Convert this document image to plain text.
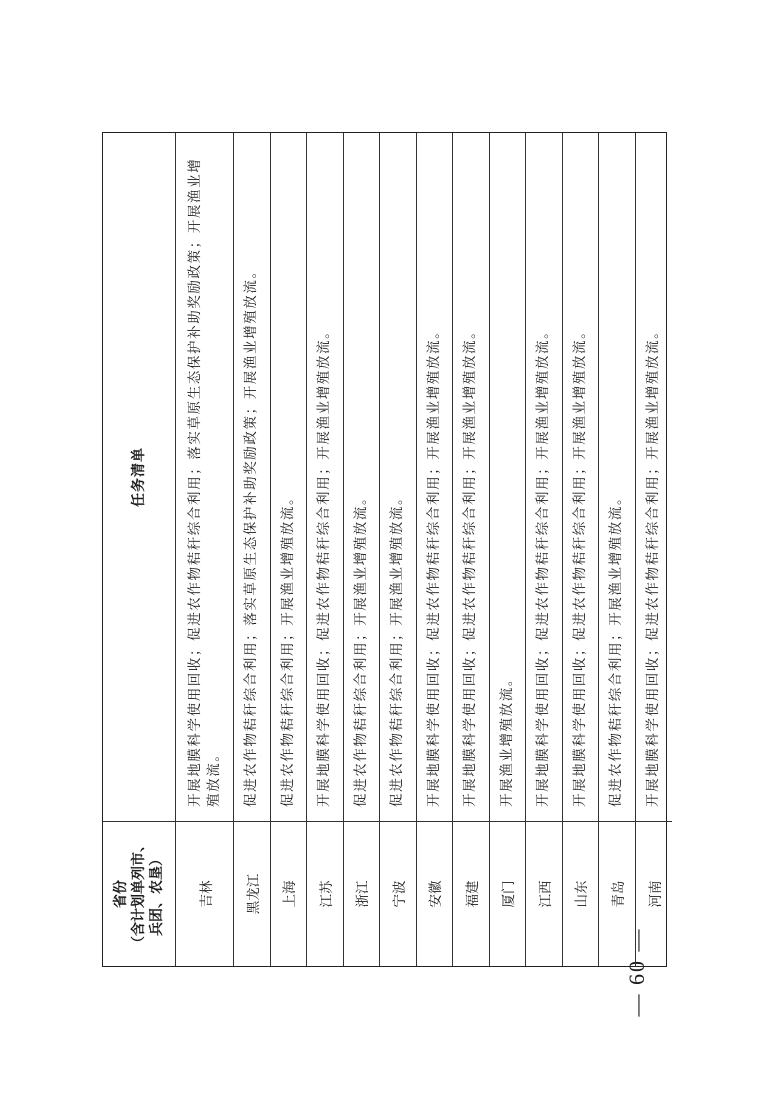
— 60 —
省份 （含计划单列市、 兵团、农垦）
任务清单
吉林
开展地膜科学使用回收；促进农作物秸秆综合利用；落实草原生态保护补助奖励政策；开展渔业增殖放流。
黑龙江
促进农作物秸秆综合利用；落实草原生态保护补助奖励政策；开展渔业增殖放流。
上海
促进农作物秸秆综合利用；开展渔业增殖放流。
江苏
开展地膜科学使用回收；促进农作物秸秆综合利用；开展渔业增殖放流。
浙江
促进农作物秸秆综合利用；开展渔业增殖放流。
宁波
促进农作物秸秆综合利用；开展渔业增殖放流。
安徽
开展地膜科学使用回收；促进农作物秸秆综合利用；开展渔业增殖放流。
福建
开展地膜科学使用回收；促进农作物秸秆综合利用；开展渔业增殖放流。
厦门
开展渔业增殖放流。
江西
开展地膜科学使用回收；促进农作物秸秆综合利用；开展渔业增殖放流。
山东
开展地膜科学使用回收；促进农作物秸秆综合利用；开展渔业增殖放流。
青岛
促进农作物秸秆综合利用；开展渔业增殖放流。
河南
开展地膜科学使用回收；促进农作物秸秆综合利用；开展渔业增殖放流。
